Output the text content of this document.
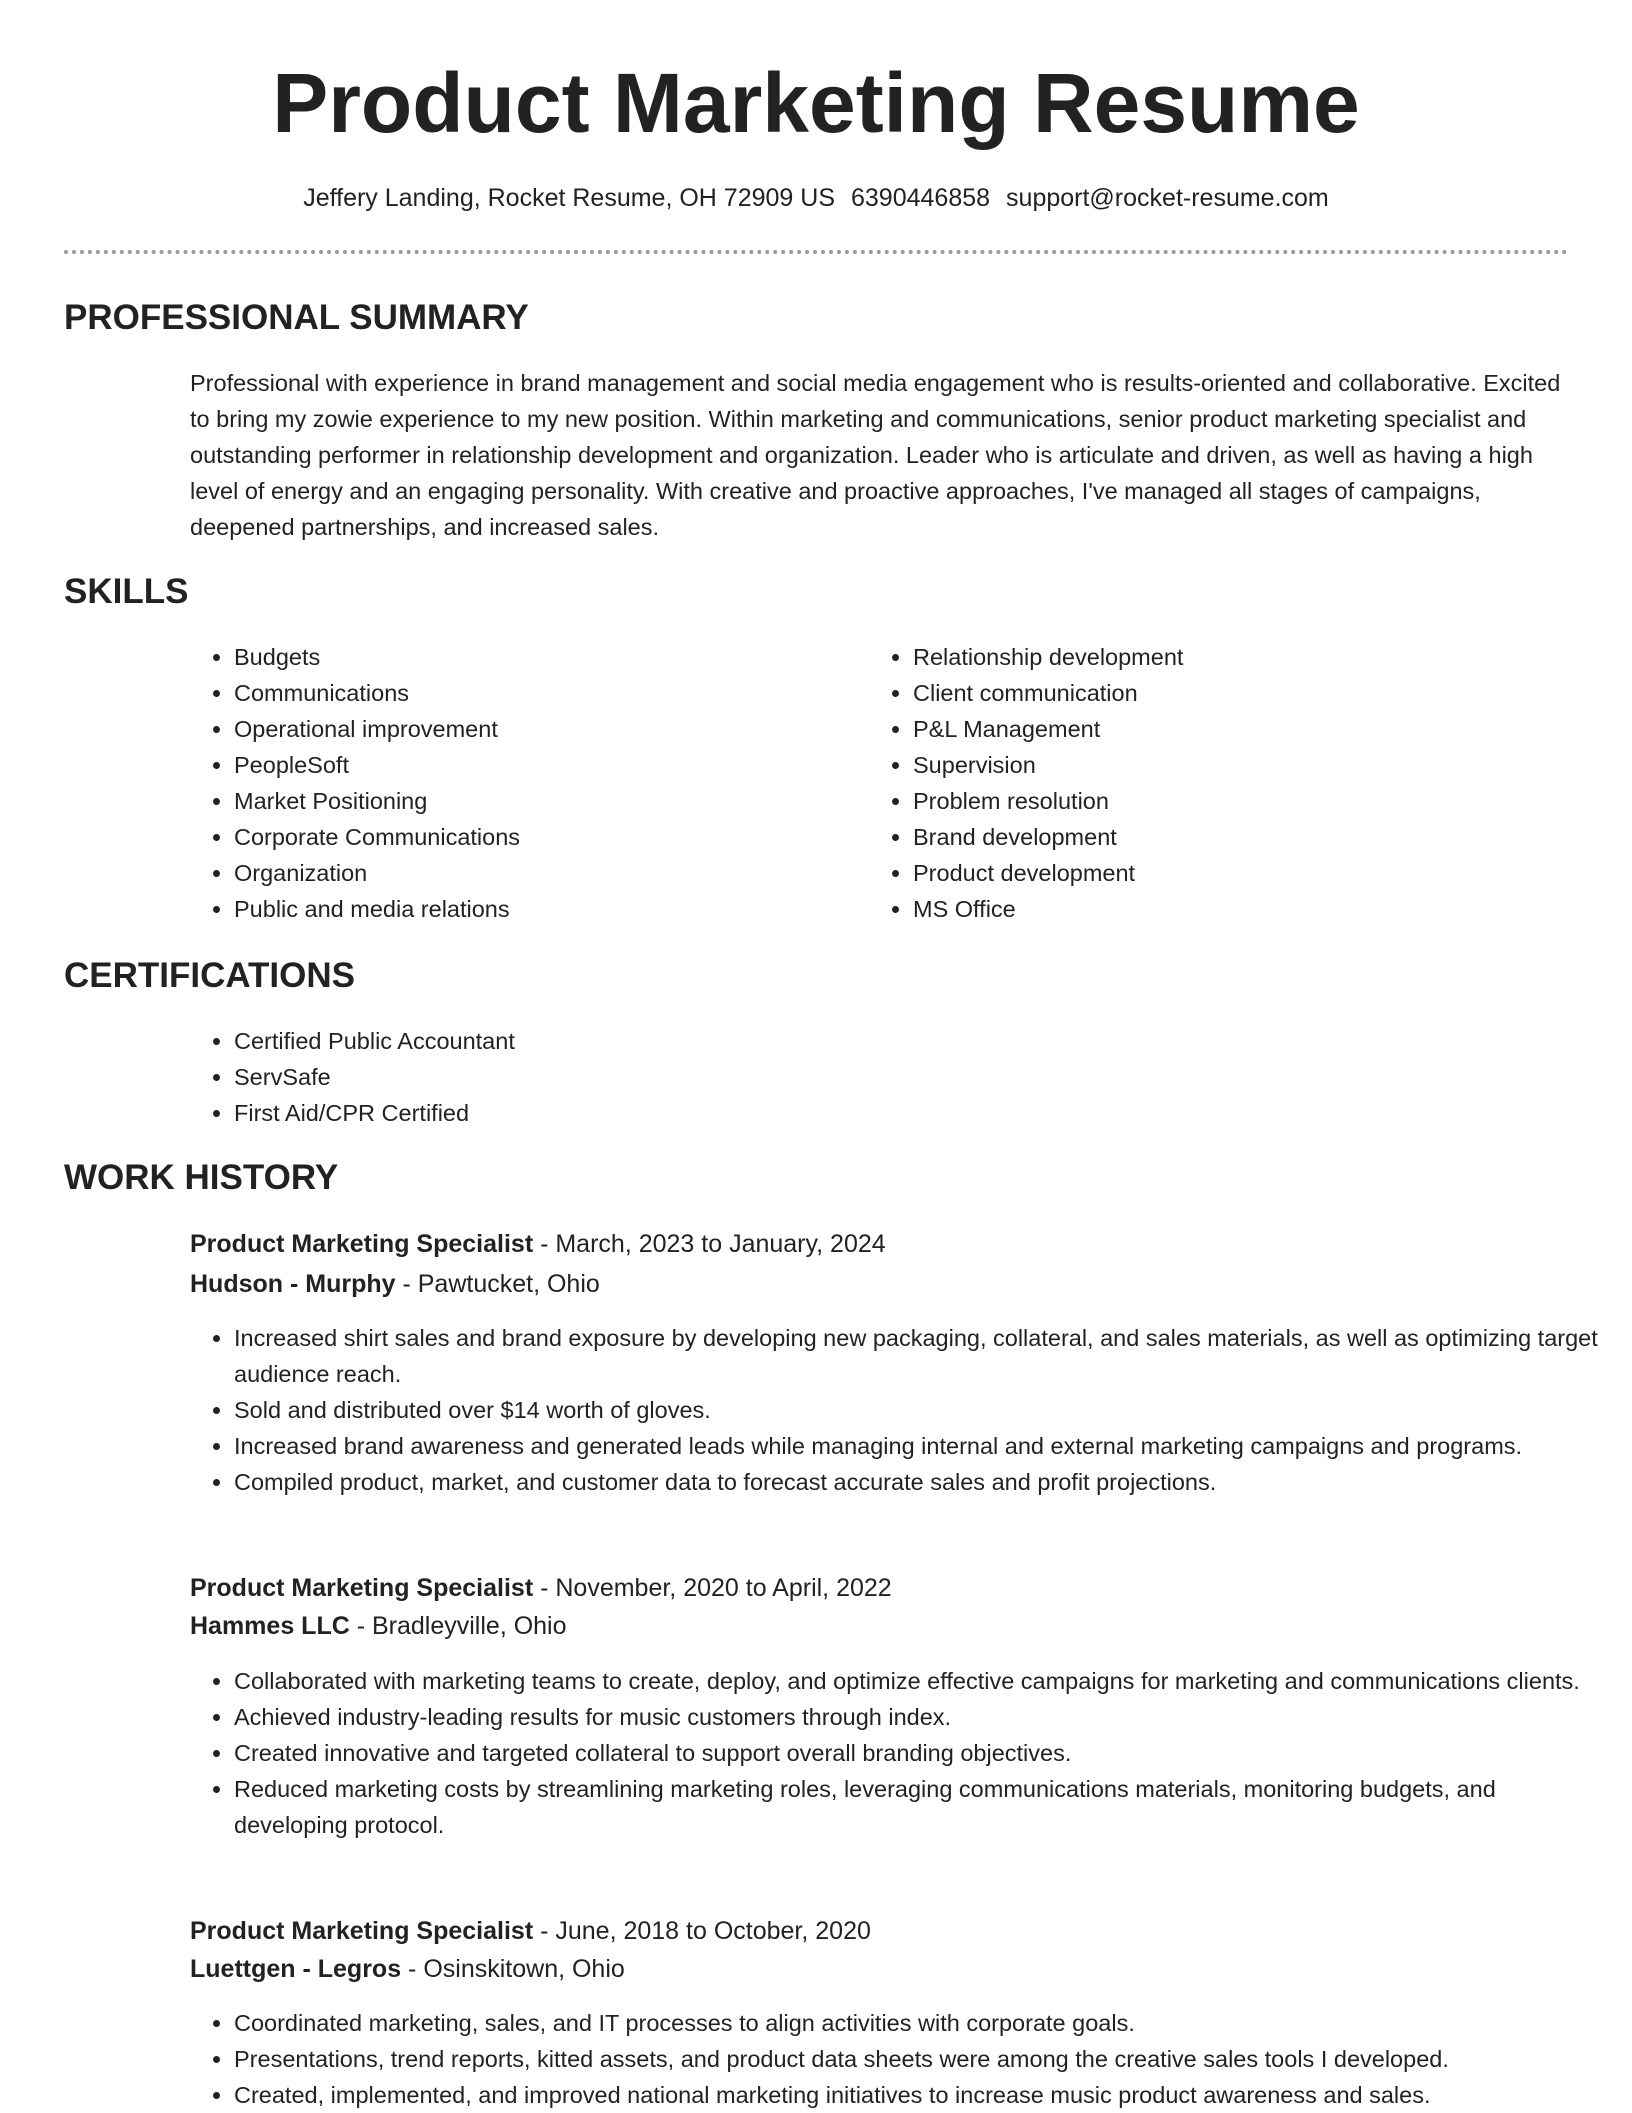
Product Marketing Resume
Jeffery Landing, Rocket Resume, OH 72909 US 6390446858 support@rocket-resume.com
PROFESSIONAL SUMMARY

Professional with experience in brand management and social media engagement who is results-oriented and collaborative. Excited to bring my zowie experience to my new position. Within marketing and communications, senior product marketing specialist and outstanding performer in relationship development and organization. Leader who is articulate and driven, as well as having a high level of energy and an engaging personality. With creative and proactive approaches, I've managed all stages of campaigns, deepened partnerships, and increased sales.

SKILLS
• Budgets
• Communications
• Operational improvement
• PeopleSoft
• Market Positioning
• Corporate Communications
• Organization
• Public and media relations
• Relationship development
• Client communication
• P&L Management
• Supervision
• Problem resolution
• Brand development
• Product development
• MS Office
CERTIFICATIONS
• Certified Public Accountant
• ServSafe
• First Aid/CPR Certified
WORK HISTORY
Product Marketing Specialist - March, 2023 to January, 2024
Hudson - Murphy - Pawtucket, Ohio
• Increased shirt sales and brand exposure by developing new packaging, collateral, and sales materials, as well as optimizing target audience reach.
• Sold and distributed over $14 worth of gloves.
• Increased brand awareness and generated leads while managing internal and external marketing campaigns and programs.
• Compiled product, market, and customer data to forecast accurate sales and profit projections.
Product Marketing Specialist - November, 2020 to April, 2022
Hammes LLC - Bradleyville, Ohio
• Collaborated with marketing teams to create, deploy, and optimize effective campaigns for marketing and communications clients.
• Achieved industry-leading results for music customers through index.
• Created innovative and targeted collateral to support overall branding objectives.
• Reduced marketing costs by streamlining marketing roles, leveraging communications materials, monitoring budgets, and developing protocol.
Product Marketing Specialist - June, 2018 to October, 2020
Luettgen - Legros - Osinskitown, Ohio
• Coordinated marketing, sales, and IT processes to align activities with corporate goals.
• Presentations, trend reports, kitted assets, and product data sheets were among the creative sales tools I developed.
• Created, implemented, and improved national marketing initiatives to increase music product awareness and sales.
